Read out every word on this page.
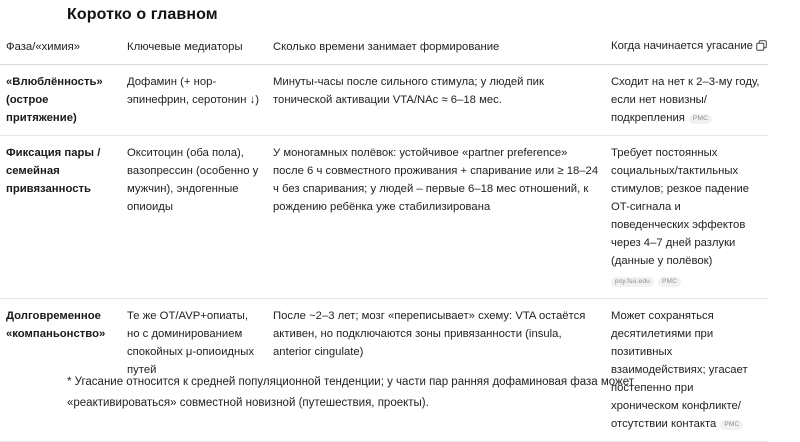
Коротко о главном
Фаза/«химия»	Ключевые медиаторы	Сколько времени занимает формирование	Когда начинается угасание
«Влюблённость» (острое притяжение)	Дофамин (+ нор-эпинефрин, серотонин ↓)	Минуты-часы после сильного стимула; у людей пик тонической активации VTA/NAc ≈ 6–18 мес.	Сходит на нет к 2–3-му году, если нет новизны/подкрепления PMC
Фиксация пары / семейная привязанность	Окситоцин (оба пола), вазопрессин (особенно у мужчин), эндогенные опиоиды	У моногамных полёвок: устойчивое «partner preference» после 6 ч совместного проживания + спаривание или ≥ 18–24 ч без спаривания; у людей – первые 6–18 мес отношений, к рождению ребёнка уже стабилизирована	Требует постоянных социальных/тактильных стимулов; резкое падение OT-сигнала и поведенческих эффектов через 4–7 дней разлуки (данные у полёвок)
psy.fsu.edu PMC

Долговременное «компаньонство»	Те же OT/AVP+опиаты, но с доминированием спокойных μ-опиоидных путей	После ~2–3 лет; мозг «переписывает» схему: VTA остаётся активен, но подключаются зоны привязанности (insula, anterior cingulate)	Может сохраняться десятилетиями при позитивных взаимодействиях; угасает постепенно при хроническом конфликте/отсутствии контакта PMC
* Угасание относится к средней популяционной тенденции; у части пар ранняя дофаминовая фаза может «реактивироваться» совместной новизной (путешествия, проекты).
